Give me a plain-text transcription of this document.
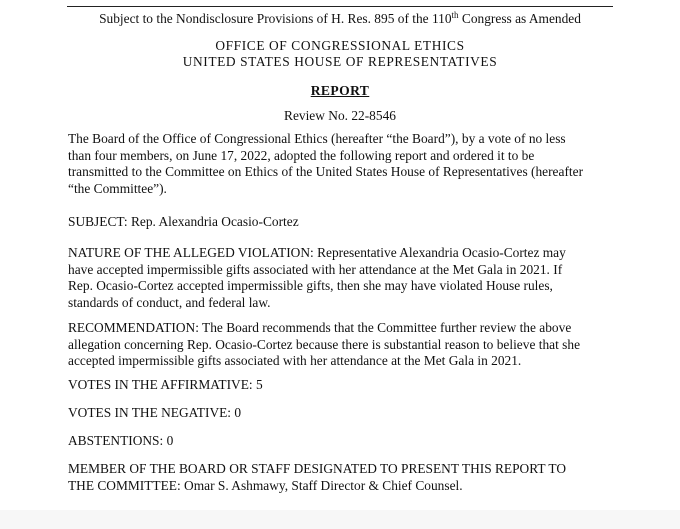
Subject to the Nondisclosure Provisions of H. Res. 895 of the 110th Congress as Amended
OFFICE OF CONGRESSIONAL ETHICS
UNITED STATES HOUSE OF REPRESENTATIVES
REPORT
Review No. 22-8546
The Board of the Office of Congressional Ethics (hereafter “the Board”), by a vote of no less
than four members, on June 17, 2022, adopted the following report and ordered it to be
transmitted to the Committee on Ethics of the United States House of Representatives (hereafter
“the Committee”).
SUBJECT: Rep. Alexandria Ocasio-Cortez
NATURE OF THE ALLEGED VIOLATION: Representative Alexandria Ocasio-Cortez may
have accepted impermissible gifts associated with her attendance at the Met Gala in 2021. If
Rep. Ocasio-Cortez accepted impermissible gifts, then she may have violated House rules,
standards of conduct, and federal law.
RECOMMENDATION: The Board recommends that the Committee further review the above
allegation concerning Rep. Ocasio-Cortez because there is substantial reason to believe that she
accepted impermissible gifts associated with her attendance at the Met Gala in 2021.
VOTES IN THE AFFIRMATIVE: 5
VOTES IN THE NEGATIVE: 0
ABSTENTIONS: 0
MEMBER OF THE BOARD OR STAFF DESIGNATED TO PRESENT THIS REPORT TO
THE COMMITTEE: Omar S. Ashmawy, Staff Director & Chief Counsel.
